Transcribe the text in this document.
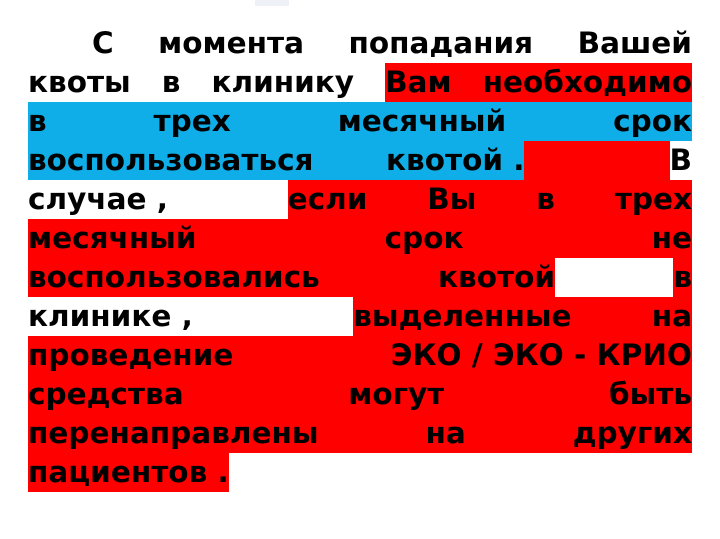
С момента попадания Вашей
квоты в клинику Вам необходимо
в	трех	месячный	срок
воспользоваться квотой .	В
случае ,	если Вы в трех
месячный	срок	не
воспользовались	квотой	в
клинике ,	выделенные	на
проведение	ЭКО / ЭКО - КРИО
средства	могут	быть
перенаправлены	на	других
пациентов .
